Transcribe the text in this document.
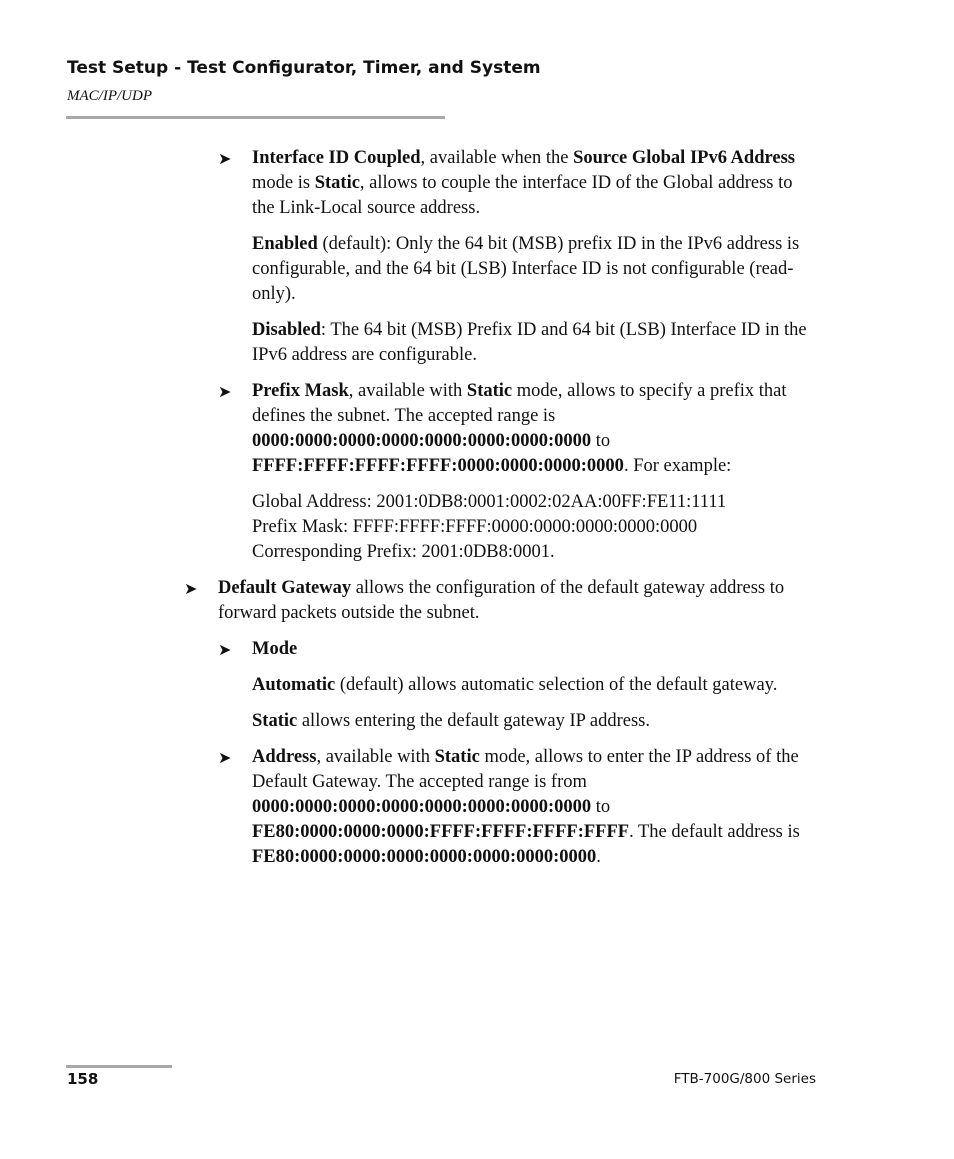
Test Setup - Test Configurator, Timer, and System
MAC/IP/UDP
➤ Interface ID Coupled, available when the Source Global IPv6 Address mode is Static, allows to couple the interface ID of the Global address to the Link-Local source address.

Enabled (default): Only the 64 bit (MSB) prefix ID in the IPv6 address is configurable, and the 64 bit (LSB) Interface ID is not configurable (read-only).

Disabled: The 64 bit (MSB) Prefix ID and 64 bit (LSB) Interface ID in the IPv6 address are configurable.

➤ Prefix Mask, available with Static mode, allows to specify a prefix that defines the subnet. The accepted range is
0000:0000:0000:0000:0000:0000:0000:0000 to
FFFF:FFFF:FFFF:FFFF:0000:0000:0000:0000. For example:

Global Address: 2001:0DB8:0001:0002:02AA:00FF:FE11:1111
Prefix Mask: FFFF:FFFF:FFFF:0000:0000:0000:0000:0000
Corresponding Prefix: 2001:0DB8:0001.

➤ Default Gateway allows the configuration of the default gateway address to forward packets outside the subnet.

➤ Mode

Automatic (default) allows automatic selection of the default gateway.

Static allows entering the default gateway IP address.

➤ Address, available with Static mode, allows to enter the IP address of the Default Gateway. The accepted range is from
0000:0000:0000:0000:0000:0000:0000:0000 to
FE80:0000:0000:0000:FFFF:FFFF:FFFF:FFFF. The default address is FE80:0000:0000:0000:0000:0000:0000:0000.

158	FTB-700G/800 Series
